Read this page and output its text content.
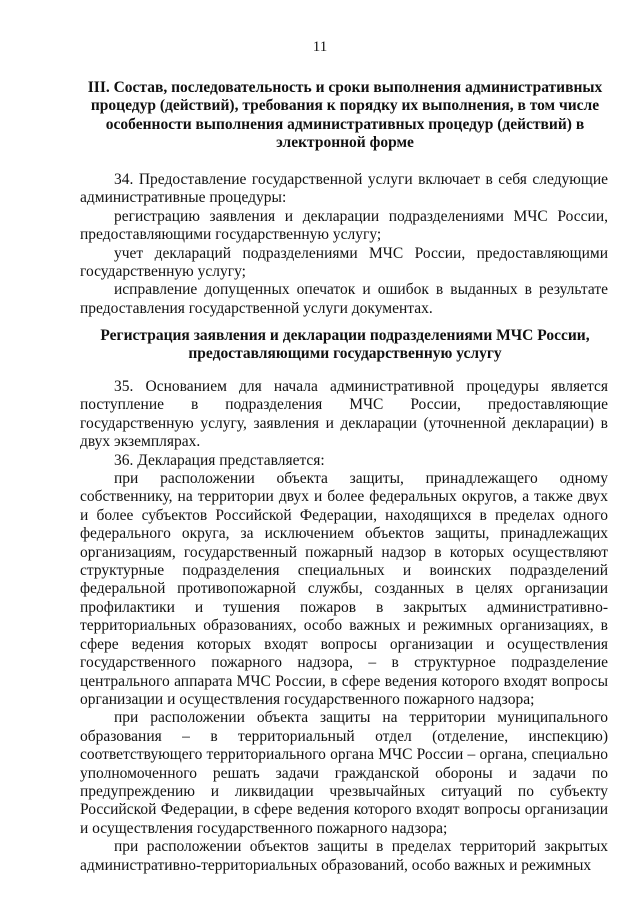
11
III. Состав, последовательность и сроки выполнения административных процедур (действий), требования к порядку их выполнения, в том числе особенности выполнения административных процедур (действий) в электронной форме

34. Предоставление государственной услуги включает в себя следующие административные процедуры:

регистрацию заявления и декларации подразделениями МЧС России, предоставляющими государственную услугу;

учет деклараций подразделениями МЧС России, предоставляющими государственную услугу;

исправление допущенных опечаток и ошибок в выданных в результате предоставления государственной услуги документах.

Регистрация заявления и декларации подразделениями МЧС России, предоставляющими государственную услугу

35. Основанием для начала административной процедуры является поступление в подразделения МЧС России, предоставляющие государственную услугу, заявления и декларации (уточненной декларации) в двух экземплярах.

36. Декларация представляется:

при расположении объекта защиты, принадлежащего одному собственнику, на территории двух и более федеральных округов, а также двух и более субъектов Российской Федерации, находящихся в пределах одного федерального округа, за исключением объектов защиты, принадлежащих организациям, государственный пожарный надзор в которых осуществляют структурные подразделения специальных и воинских подразделений федеральной противопожарной службы, созданных в целях организации профилактики и тушения пожаров в закрытых административно-территориальных образованиях, особо важных и режимных организациях, в сфере ведения которых входят вопросы организации и осуществления государственного пожарного надзора, – в структурное подразделение центрального аппарата МЧС России, в сфере ведения которого входят вопросы организации и осуществления государственного пожарного надзора;

при расположении объекта защиты на территории муниципального образования – в территориальный отдел (отделение, инспекцию) соответствующего территориального органа МЧС России – органа, специально уполномоченного решать задачи гражданской обороны и задачи по предупреждению и ликвидации чрезвычайных ситуаций по субъекту Российской Федерации, в сфере ведения которого входят вопросы организации и осуществления государственного пожарного надзора;

при расположении объектов защиты в пределах территорий закрытых административно-территориальных образований, особо важных и режимных
